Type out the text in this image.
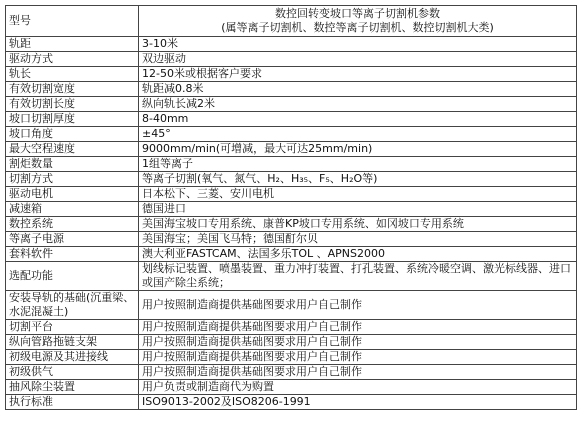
型号	数控回转变坡口等离子切割机参数
(属等离子切割机、数控等离子切割机、数控切割机大类)

轨距	3-10米
驱动方式	双边驱动
轨长	12-50米或根据客户要求
有效切割宽度	轨距减0.8米
有效切割长度	纵向轨长减2米
坡口切割厚度	8-40mm
坡口角度	±45°
最大空程速度	9000mm/min(可增减，最大可达25mm/min)
割炬数量	1组等离子
切割方式	等离子切割(氧气、氮气、H₂、H₃₅、F₅、H₂O等)
驱动电机	日本松下、三菱、安川电机
减速箱	德国进口
数控系统	美国海宝坡口专用系统、康普KP坡口专用系统、如冈坡口专用系统
等离子电源	美国海宝；美国飞马特；德国酊尔贝
套料软件	澳大利亚FASTCAM、法国多乐TOL 、APNS2000
选配功能	划线标记装置、喷墨装置、重力冲打装置、打孔装置、系统冷暖空调、激光标线器、进口或国产除尘系统；
安装导轨的基础(沉重梁、水泥混凝土)	用户按照制造商提供基础图要求用户自己制作
切割平台	用户按照制造商提供基础图要求用户自己制作
纵向管路拖链支架	用户按照制造商提供基础图要求用户自己制作
初级电源及其进接线	用户按照制造商提供基础图要求用户自己制作
初级供气	用户按照制造商提供基础图要求用户自己制作
抽风除尘装置	用户负责或制造商代为购置
执行标准	ISO9013-2002及ISO8206-1991
